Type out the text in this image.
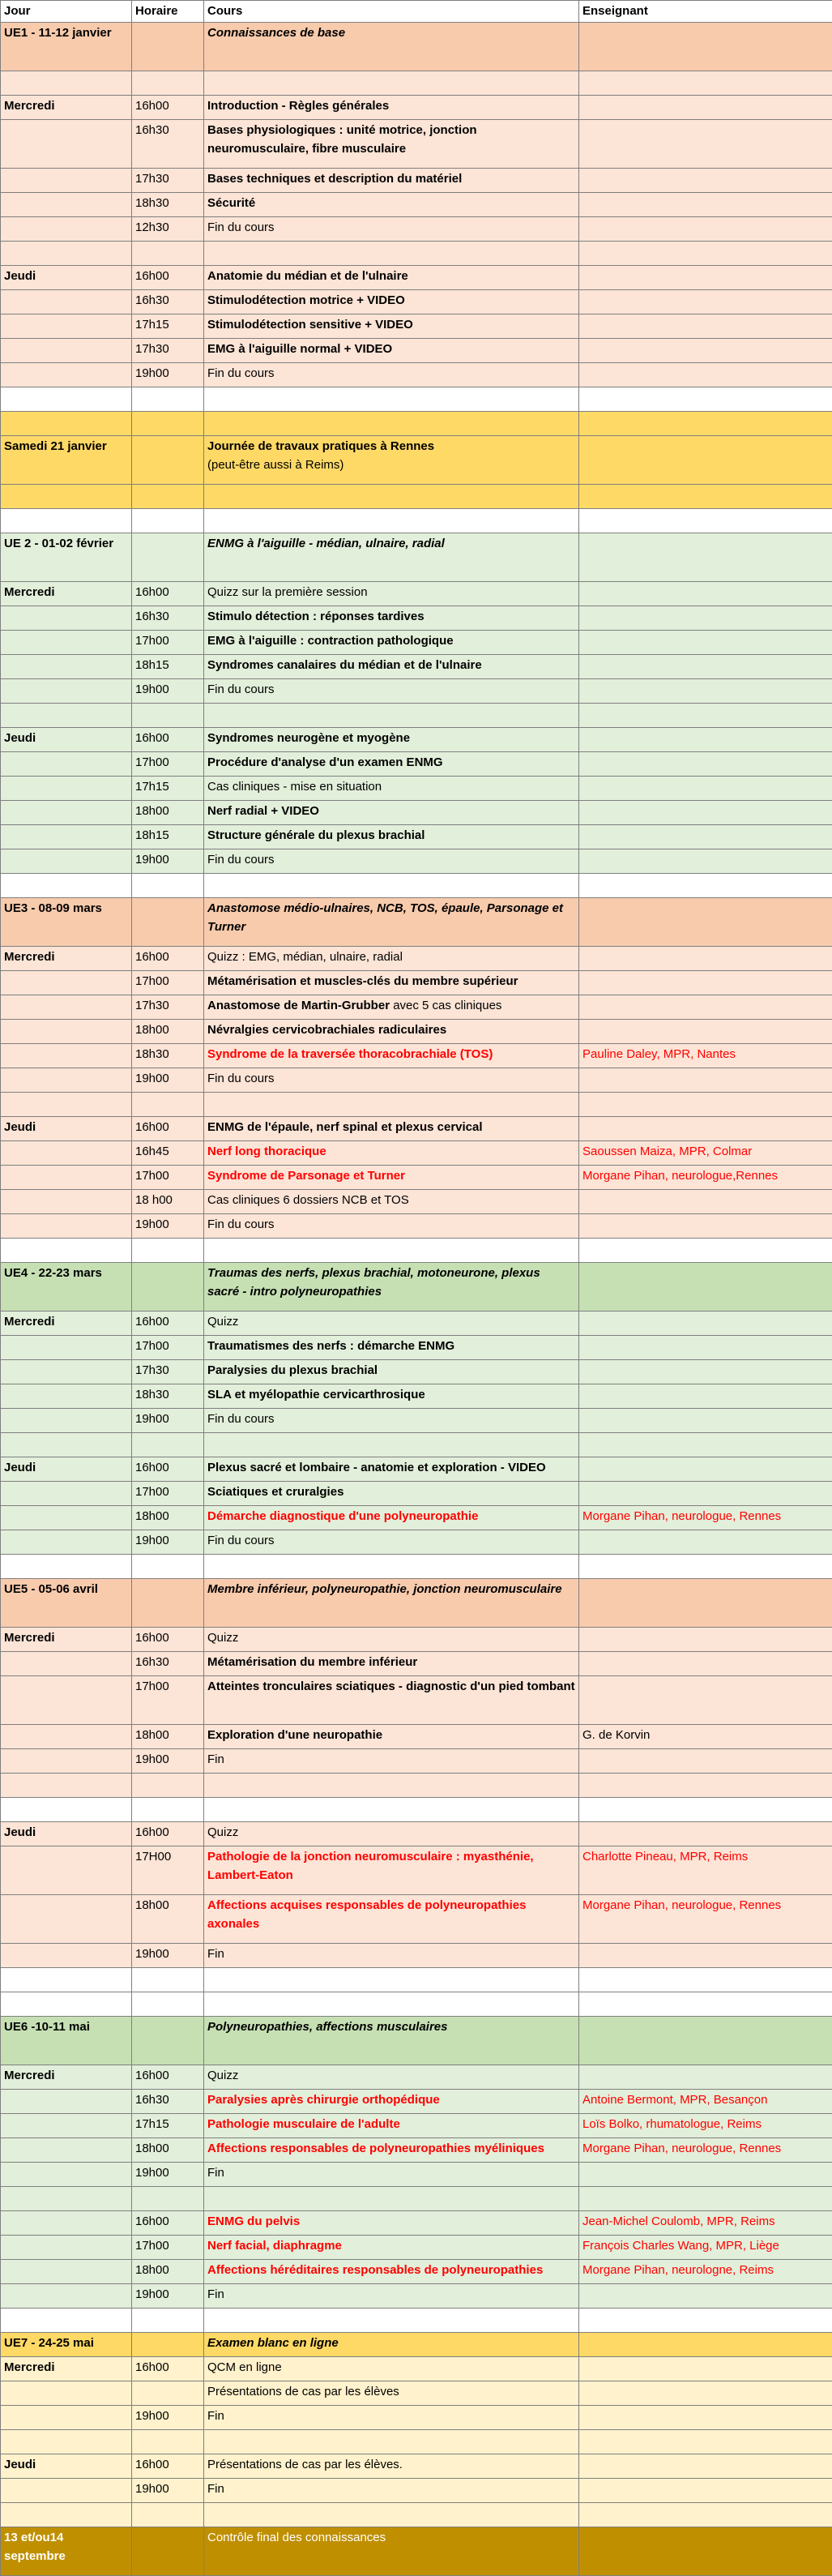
Jour	Horaire	Cours	Enseignant
UE1 - 11-12 janvier		Connaissances de base	

Mercredi	16h00	Introduction - Règles générales	
	16h30	Bases physiologiques : unité motrice, jonction neuromusculaire, fibre musculaire	
	17h30	Bases techniques et description du matériel	
	18h30	Sécurité	
	12h30	Fin du cours	

Jeudi	16h00	Anatomie du médian et de l'ulnaire	
	16h30	Stimulodétection motrice + VIDEO	
	17h15	Stimulodétection sensitive + VIDEO	
	17h30	EMG à l'aiguille normal + VIDEO	
	19h00	Fin du cours	

Samedi 21 janvier		Journée de travaux pratiques à Rennes
(peut-être aussi à Reims)	

UE 2 - 01-02 février		ENMG à l'aiguille - médian, ulnaire, radial	
Mercredi	16h00	Quizz sur la première session	
	16h30	Stimulo détection : réponses tardives	
	17h00	EMG à l'aiguille : contraction pathologique	
	18h15	Syndromes canalaires du médian et de l'ulnaire	
	19h00	Fin du cours	

Jeudi	16h00	Syndromes neurogène et myogène	
	17h00	Procédure d'analyse d'un examen ENMG	
	17h15	Cas cliniques - mise en situation	
	18h00	Nerf radial + VIDEO	
	18h15	Structure générale du plexus brachial	
	19h00	Fin du cours	

UE3 - 08-09 mars		Anastomose médio-ulnaires, NCB, TOS, épaule, Parsonage et Turner	
Mercredi	16h00	Quizz : EMG, médian, ulnaire, radial	
	17h00	Métamérisation et muscles-clés du membre supérieur	
	17h30	Anastomose de Martin-Grubber avec 5 cas cliniques	
	18h00	Névralgies cervicobrachiales radiculaires	
	18h30	Syndrome de la traversée thoracobrachiale (TOS)	Pauline Daley, MPR, Nantes
	19h00	Fin du cours	

Jeudi	16h00	ENMG de l'épaule, nerf spinal et plexus cervical	
	16h45	Nerf long thoracique	Saoussen Maiza, MPR, Colmar
	17h00	Syndrome de Parsonage et Turner	Morgane Pihan, neurologue,Rennes
	18 h00	Cas cliniques 6 dossiers NCB et TOS	
	19h00	Fin du cours	

UE4 - 22-23 mars		Traumas des nerfs, plexus brachial, motoneurone, plexus sacré - intro polyneuropathies	
Mercredi	16h00	Quizz	
	17h00	Traumatismes des nerfs : démarche ENMG	
	17h30	Paralysies du plexus brachial	
	18h30	SLA et myélopathie cervicarthrosique	
	19h00	Fin du cours	

Jeudi	16h00	Plexus sacré et lombaire - anatomie et exploration - VIDEO	
	17h00	Sciatiques et cruralgies	
	18h00	Démarche diagnostique d'une polyneuropathie	Morgane Pihan, neurologue, Rennes
	19h00	Fin du cours	

UE5 - 05-06 avril		Membre inférieur, polyneuropathie, jonction neuromusculaire	
Mercredi	16h00	Quizz	
	16h30	Métamérisation du membre inférieur	
	17h00	Atteintes tronculaires sciatiques - diagnostic d'un pied tombant	
	18h00	Exploration d'une neuropathie	G. de Korvin
	19h00	Fin	

Jeudi	16h00	Quizz	
	17H00	Pathologie de la jonction neuromusculaire : myasthénie, Lambert-Eaton	Charlotte Pineau, MPR, Reims
	18h00	Affections acquises responsables de polyneuropathies axonales	Morgane Pihan, neurologue, Rennes
	19h00	Fin	

UE6 -10-11 mai		Polyneuropathies, affections musculaires	
Mercredi	16h00	Quizz	
	16h30	Paralysies après chirurgie orthopédique	Antoine Bermont, MPR, Besançon
	17h15	Pathologie musculaire de l'adulte	Loïs Bolko, rhumatologue, Reims
	18h00	Affections responsables de polyneuropathies myéliniques	Morgane Pihan, neurologue, Rennes
	19h00	Fin	

	16h00	ENMG du pelvis	Jean-Michel Coulomb, MPR, Reims
	17h00	Nerf facial, diaphragme	François Charles Wang, MPR, Liège
	18h00	Affections héréditaires responsables de polyneuropathies	Morgane Pihan, neurologne, Reims
	19h00	Fin	

UE7 - 24-25 mai		Examen blanc en ligne	
Mercredi	16h00	QCM en ligne	
		Présentations de cas par les élèves	
	19h00	Fin	

Jeudi	16h00	Présentations de cas par les élèves.	
	19h00	Fin	

13 et/ou14 septembre		Contrôle final des connaissances	
